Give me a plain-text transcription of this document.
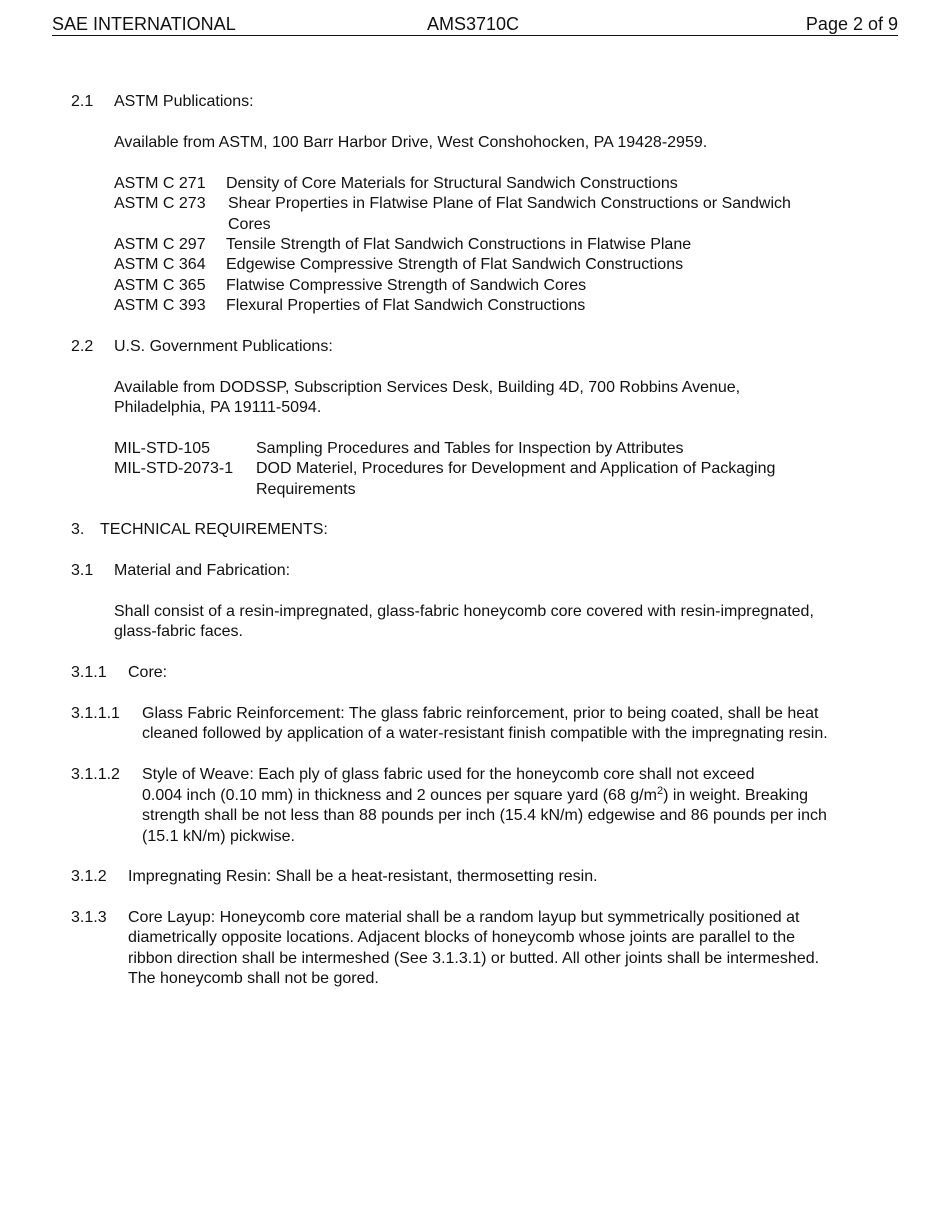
SAE INTERNATIONAL	AMS3710C	Page 2 of 9
2.1 ASTM Publications:
Available from ASTM, 100 Barr Harbor Drive, West Conshohocken, PA 19428-2959.
ASTM C 271 Density of Core Materials for Structural Sandwich Constructions
ASTM C 273 Shear Properties in Flatwise Plane of Flat Sandwich Constructions or Sandwich
Cores
ASTM C 297 Tensile Strength of Flat Sandwich Constructions in Flatwise Plane
ASTM C 364 Edgewise Compressive Strength of Flat Sandwich Constructions
ASTM C 365 Flatwise Compressive Strength of Sandwich Cores
ASTM C 393 Flexural Properties of Flat Sandwich Constructions
2.2 U.S. Government Publications:
Available from DODSSP, Subscription Services Desk, Building 4D, 700 Robbins Avenue,
Philadelphia, PA 19111-5094.
MIL-STD-105	Sampling Procedures and Tables for Inspection by Attributes
MIL-STD-2073-1 DOD Materiel, Procedures for Development and Application of Packaging
Requirements
3. TECHNICAL REQUIREMENTS:
3.1 Material and Fabrication:
Shall consist of a resin-impregnated, glass-fabric honeycomb core covered with resin-impregnated,
glass-fabric faces.
3.1.1 Core:
3.1.1.1 Glass Fabric Reinforcement: The glass fabric reinforcement, prior to being coated, shall be heat
cleaned followed by application of a water-resistant finish compatible with the impregnating resin.
3.1.1.2 Style of Weave: Each ply of glass fabric used for the honeycomb core shall not exceed
0.004 inch (0.10 mm) in thickness and 2 ounces per square yard (68 $g/m^2$) in weight. Breaking
strength shall be not less than 88 pounds per inch (15.4 kN/m) edgewise and 86 pounds per inch
(15.1 kN/m) pickwise.
3.1.2 Impregnating Resin: Shall be a heat-resistant, thermosetting resin.
3.1.3 Core Layup: Honeycomb core material shall be a random layup but symmetrically positioned at
diametrically opposite locations. Adjacent blocks of honeycomb whose joints are parallel to the
ribbon direction shall be intermeshed (See 3.1.3.1) or butted. All other joints shall be intermeshed.
The honeycomb shall not be gored.
